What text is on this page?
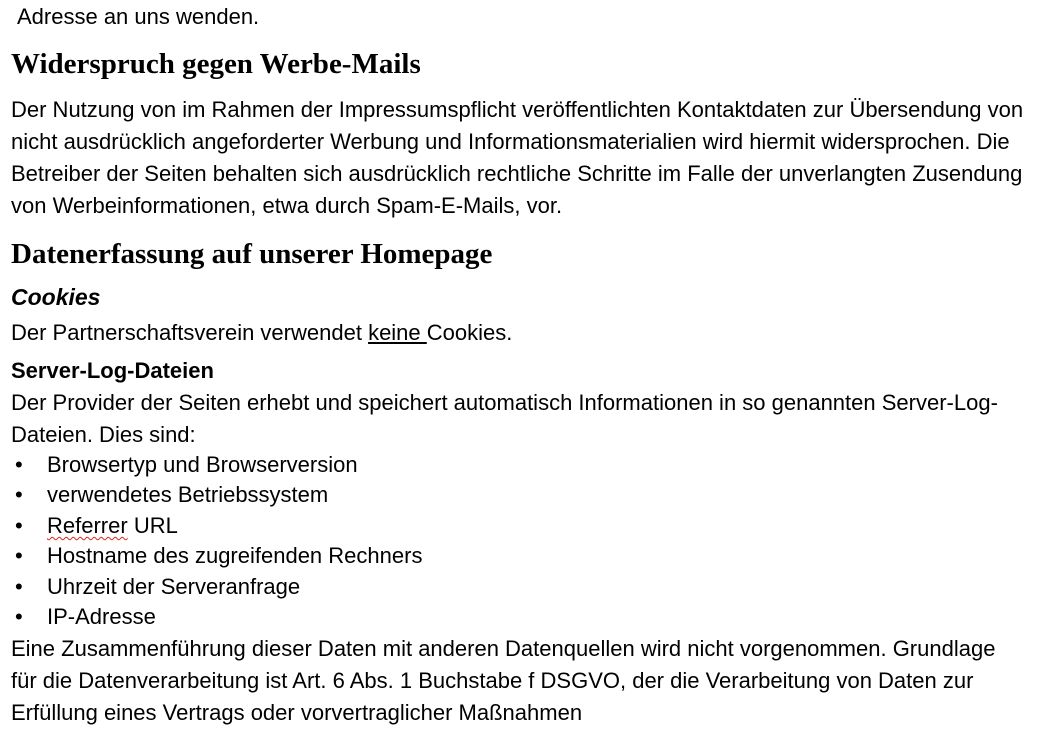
Adresse an uns wenden.
Widerspruch gegen Werbe-Mails

Der Nutzung von im Rahmen der Impressumspflicht veröffentlichten Kontaktdaten zur Übersendung von nicht ausdrücklich angeforderter Werbung und Informationsmaterialien wird hiermit widersprochen. Die Betreiber der Seiten behalten sich ausdrücklich rechtliche Schritte im Falle der unverlangten Zusendung von Werbeinformationen, etwa durch Spam-E-Mails, vor.

Datenerfassung auf unserer Homepage
Cookies

Der Partnerschaftsverein verwendet keine Cookies.

Server-Log-Dateien

Der Provider der Seiten erhebt und speichert automatisch Informationen in so genannten Server-Log-Dateien. Dies sind:

• Browsertyp und Browserversion
• verwendetes Betriebssystem
• Referrer URL
• Hostname des zugreifenden Rechners
• Uhrzeit der Serveranfrage
• IP-Adresse

Eine Zusammenführung dieser Daten mit anderen Datenquellen wird nicht vorgenommen. Grundlage für die Datenverarbeitung ist Art. 6 Abs. 1 Buchstabe f DSGVO, der die Verarbeitung von Daten zur Erfüllung eines Vertrags oder vorvertraglicher Maßnahmen
